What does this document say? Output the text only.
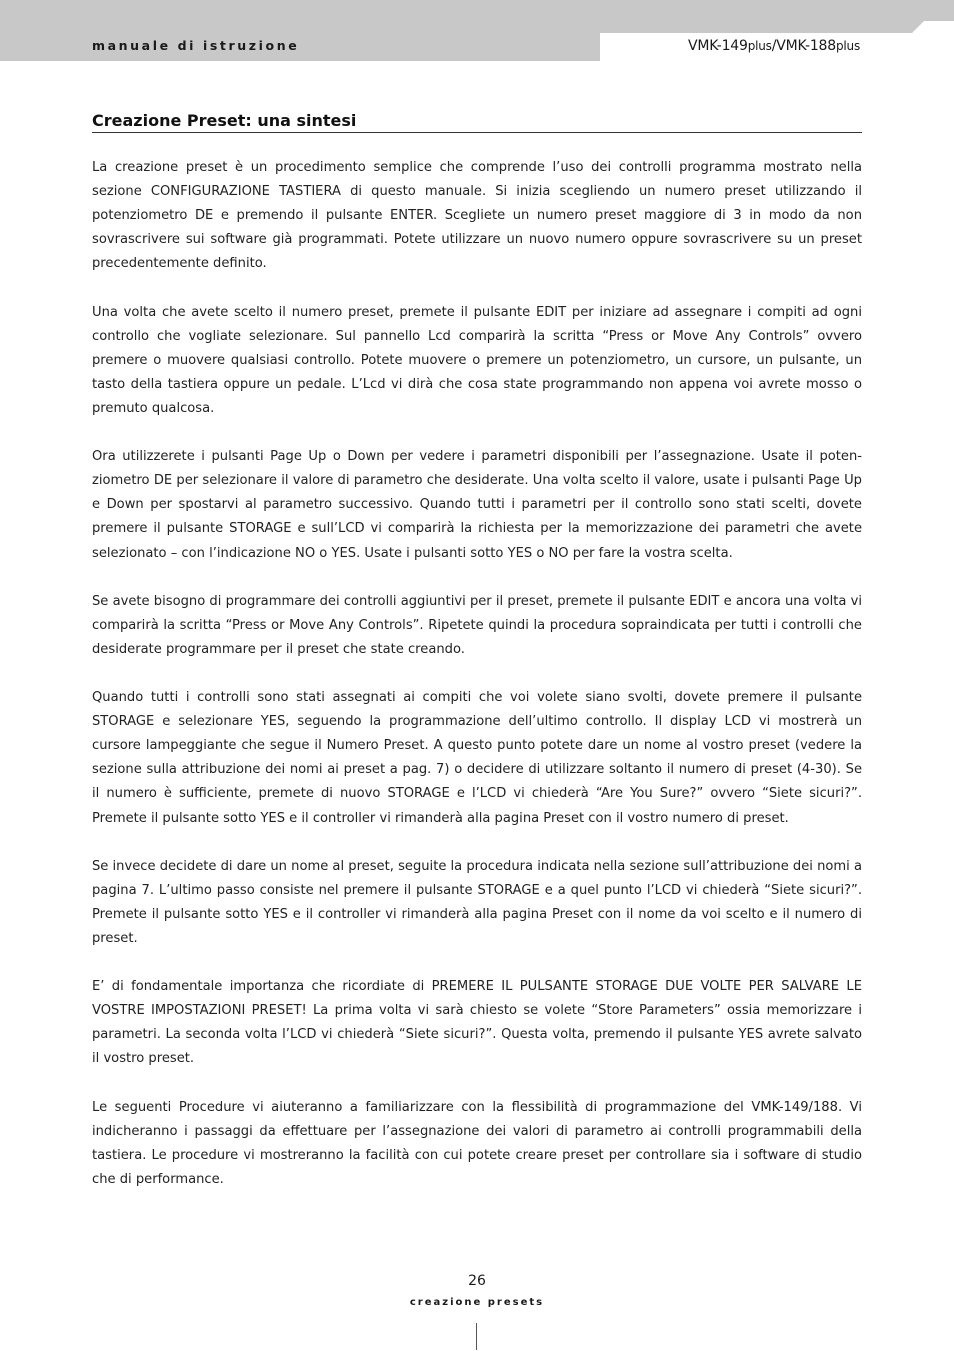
manuale di istruzione	VMK-149plus/VMK-188plus
Creazione Preset: una sintesi

La creazione preset è un procedimento semplice che comprende l’uso dei controlli programma mostrato nella sezione CONFIGURAZIONE TASTIERA di questo manuale. Si inizia scegliendo un numero preset utilizzando il potenziometro DE e premendo il pulsante ENTER. Scegliete un numero preset maggiore di 3 in modo da non sovrascrivere sui software già programmati. Potete utilizzare un nuovo numero oppure sovrascrivere su un preset precedentemente definito.

Una volta che avete scelto il numero preset, premete il pulsante EDIT per iniziare ad assegnare i compiti ad ogni controllo che vogliate selezionare. Sul pannello Lcd comparirà la scritta “Press or Move Any Controls” ovvero premere o muovere qualsiasi controllo. Potete muovere o premere un potenziometro, un cursore, un pulsante, un tasto della tastiera oppure un pedale. L’Lcd vi dirà che cosa state programmando non appena voi avrete mosso o premuto qualcosa.

Ora utilizzerete i pulsanti Page Up o Down per vedere i parametri disponibili per l’assegnazione. Usate il potenziometro DE per selezionare il valore di parametro che desiderate. Una volta scelto il valore, usate i pulsanti Page Up e Down per spostarvi al parametro successivo. Quando tutti i parametri per il controllo sono stati scelti, dovete premere il pulsante STORAGE e sull’LCD vi comparirà la richiesta per la memorizzazione dei parametri che avete selezionato – con l’indicazione NO o YES. Usate i pulsanti sotto YES o NO per fare la vostra scelta.

Se avete bisogno di programmare dei controlli aggiuntivi per il preset, premete il pulsante EDIT e ancora una volta vi comparirà la scritta “Press or Move Any Controls”. Ripetete quindi la procedura sopraindicata per tutti i controlli che desiderate programmare per il preset che state creando.

Quando tutti i controlli sono stati assegnati ai compiti che voi volete siano svolti, dovete premere il pulsante STORAGE e selezionare YES, seguendo la programmazione dell’ultimo controllo. Il display LCD vi mostrerà un cursore lampeggiante che segue il Numero Preset. A questo punto potete dare un nome al vostro preset (vedere la sezione sulla attribuzione dei nomi ai preset a pag. 7) o decidere di utilizzare soltanto il numero di preset (4-30). Se il numero è sufficiente, premete di nuovo STORAGE e l’LCD vi chiederà “Are You Sure?” ovvero “Siete sicuri?”. Premete il pulsante sotto YES e il controller vi rimanderà alla pagina Preset con il vostro numero di preset.

Se invece decidete di dare un nome al preset, seguite la procedura indicata nella sezione sull’attribuzione dei nomi a pagina 7. L’ultimo passo consiste nel premere il pulsante STORAGE e a quel punto l’LCD vi chiederà “Siete sicuri?”. Premete il pulsante sotto YES e il controller vi rimanderà alla pagina Preset con il nome da voi scelto e il numero di preset.

E’ di fondamentale importanza che ricordiate di PREMERE IL PULSANTE STORAGE DUE VOLTE PER SALVARE LE VOSTRE IMPOSTAZIONI PRESET! La prima volta vi sarà chiesto se volete “Store Parameters” ossia memorizzare i parametri. La seconda volta l’LCD vi chiederà “Siete sicuri?”. Questa volta, premendo il pulsante YES avrete salvato il vostro preset.

Le seguenti Procedure vi aiuteranno a familiarizzare con la flessibilità di programmazione del VMK-149/188. Vi indicheranno i passaggi da effettuare per l’assegnazione dei valori di parametro ai controlli programmabili della tastiera. Le procedure vi mostreranno la facilità con cui potete creare preset per controllare sia i software di studio che di performance.

26
creazione presets
